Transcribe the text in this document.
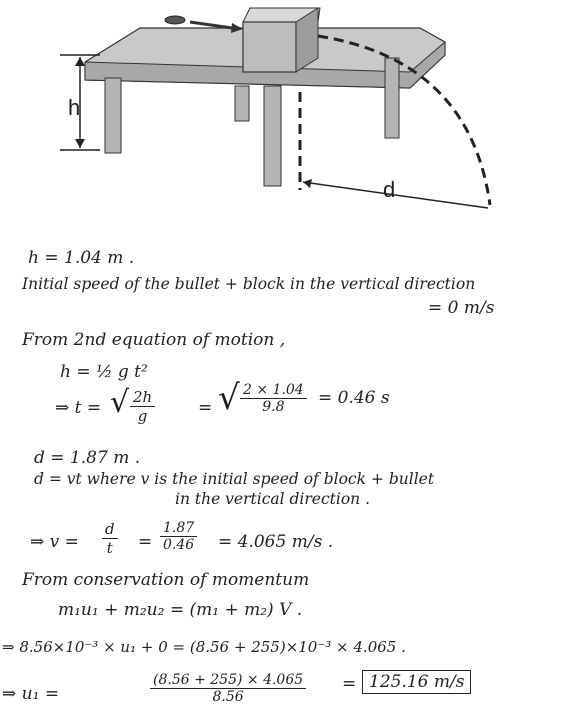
h
d
h = 1.04 m .
Initial speed of the bullet + block in the vertical direction
= 0 m/s
From 2nd equation of motion ,
h = ½ g t²
⇒ t = √ $\frac{2h}{g}$	= √ $\frac{2 \times 1.04}{9.8} = 0.46$ s
d = 1.87 m .
d = vt where v is the initial speed of block + bullet
in the vertical direction .
⇒ $v = \frac{d}{t} = \frac{1.87}{0.46} = 4.065$ m/s .
From conservation of momentum
m₁u₁ + m₂u₂ = (m₁ + m₂) V .
⇒ 8.56×10⁻³ × u₁ + 0 = (8.56 + 255)×10⁻³ × 4.065 .
⇒ u₁ =	$\frac{(8.56 + 255) \times 4.065}{8.56} = 125.16$ m/s
